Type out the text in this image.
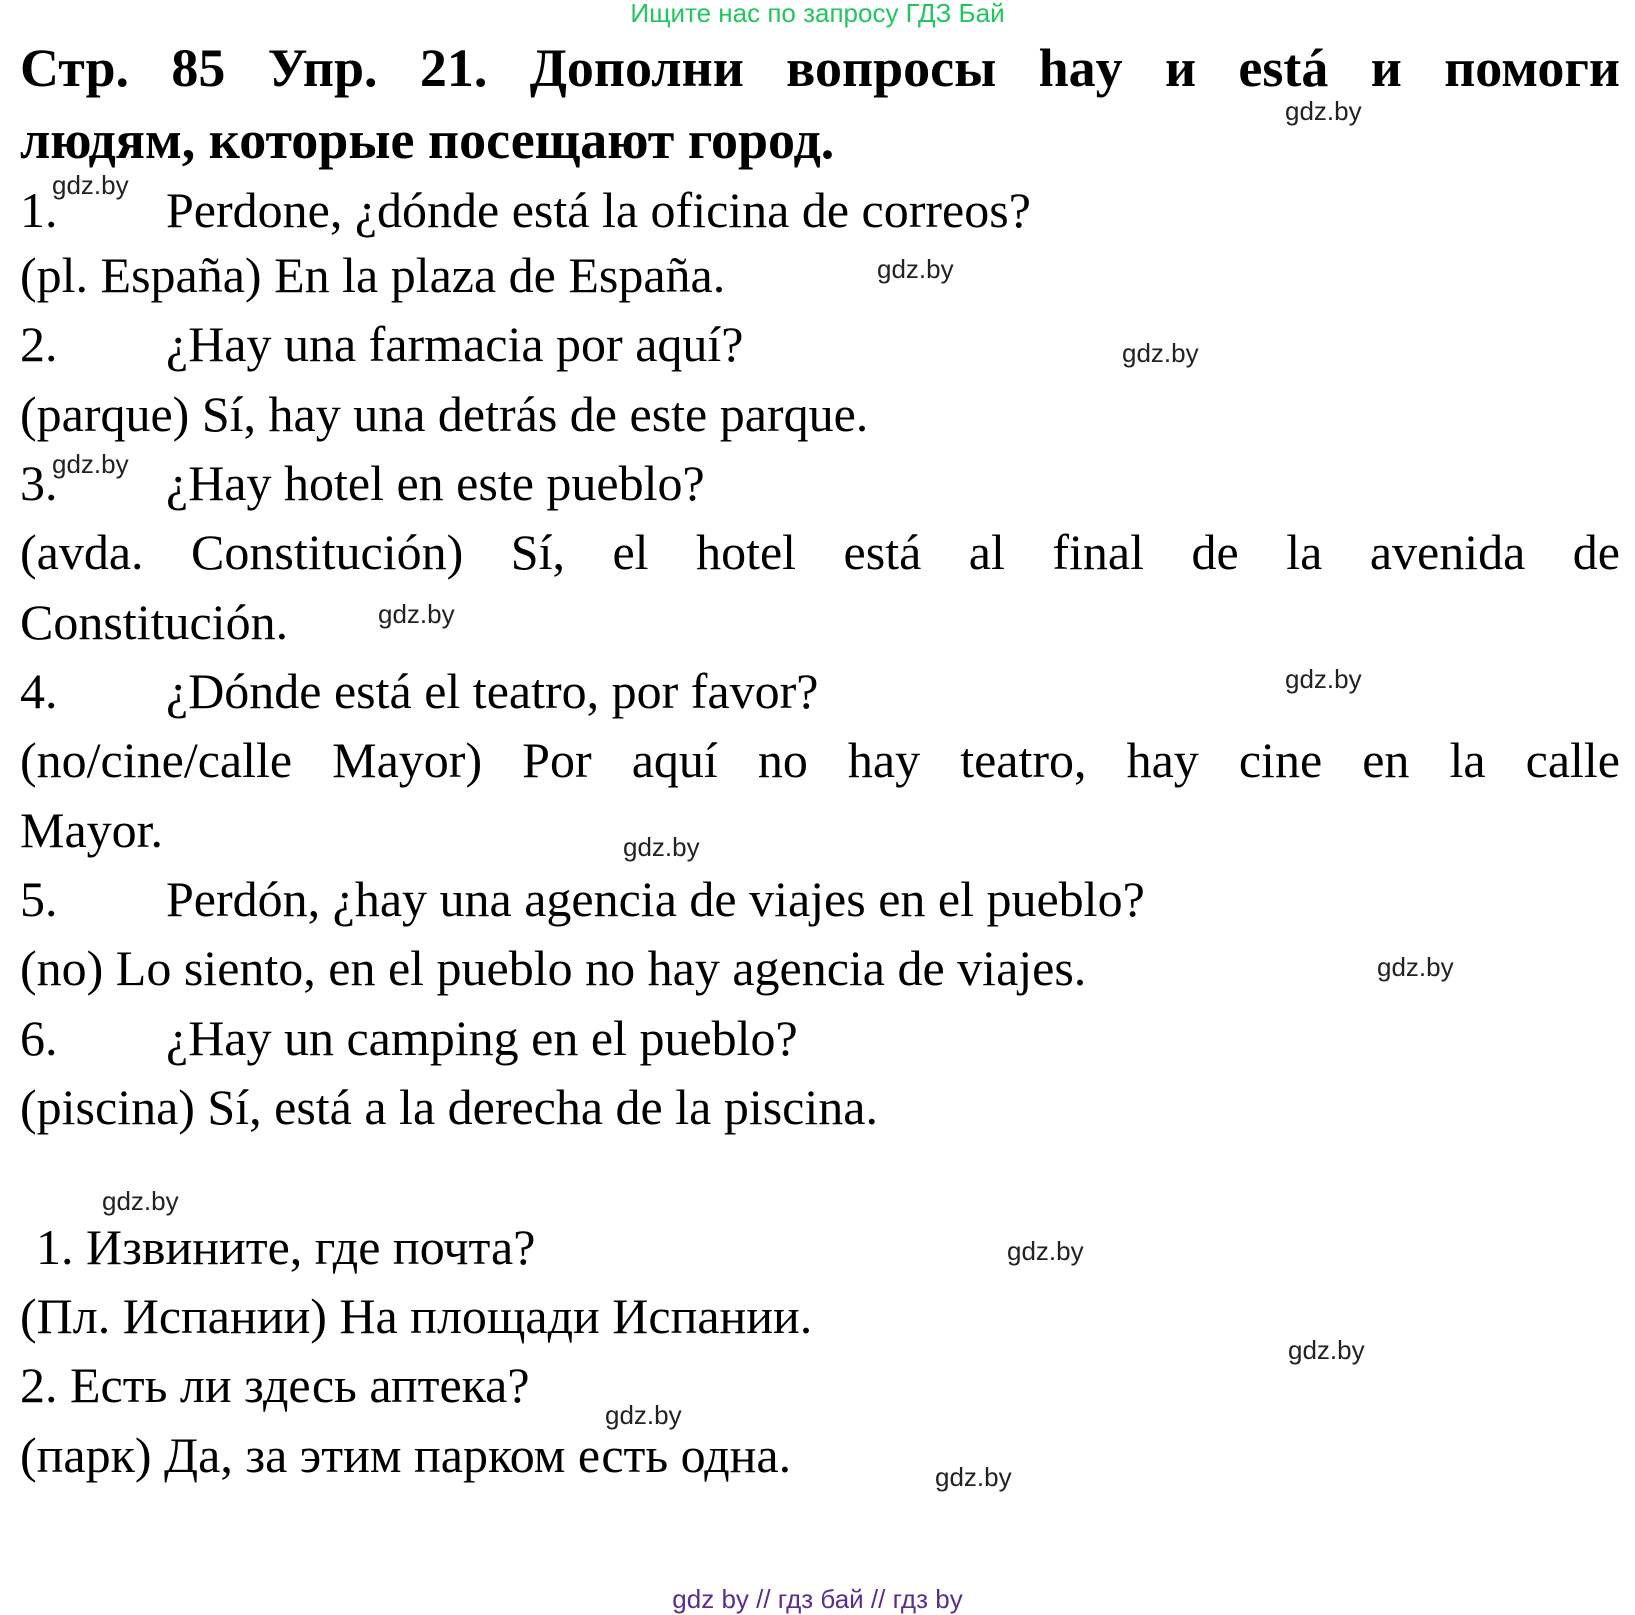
Ищите нас по запросу ГДЗ Бай
Стр. 85 Упр. 21. Дополни вопросы hay и está и помоги
людям, которые посещают город.
1. Perdone, ¿dónde está la oficina de correos?
(pl. España) En la plaza de España.
2. ¿Hay una farmacia por aquí?
(parque) Sí, hay una detrás de este parque.
3. ¿Hay hotel en este pueblo?
(avda. Constitución) Sí, el hotel está al final de la avenida de
Constitución.
4. ¿Dónde está el teatro, por favor?
(no/cine/calle Mayor) Por aquí no hay teatro, hay cine en la calle
Mayor.
5. Perdón, ¿hay una agencia de viajes en el pueblo?
(no) Lo siento, en el pueblo no hay agencia de viajes.
6. ¿Hay un camping en el pueblo?
(piscina) Sí, está a la derecha de la piscina.
1. Извините, где почта?
(Пл. Испании) На площади Испании.
2. Есть ли здесь аптека?
(парк) Да, за этим парком есть одна.
gdz.by
gdz.by
gdz.by
gdz.by
gdz.by
gdz.by
gdz.by
gdz.by
gdz.by
gdz.by
gdz.by
gdz.by
gdz.by
gdz.by
gdz by // гдз бай // гдз by
